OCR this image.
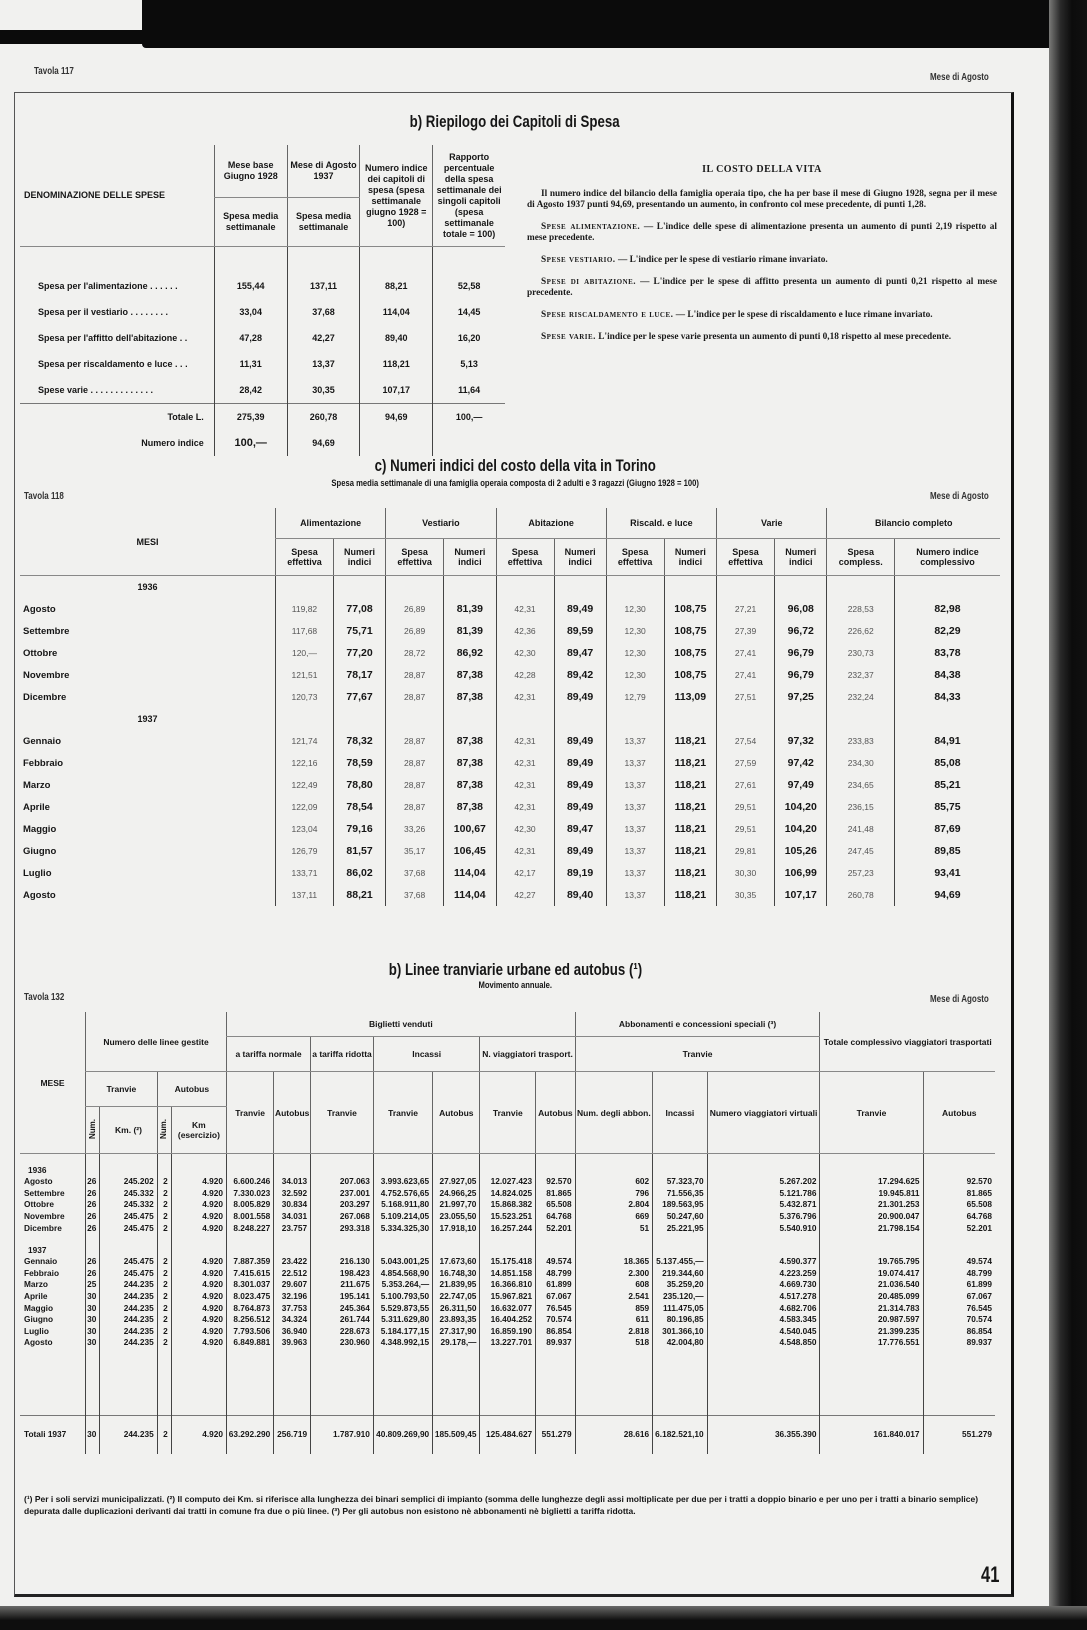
Tavola 117
Mese di Agosto
b) Riepilogo dei Capitoli di Spesa
DENOMINAZIONE DELLE SPESE	Mese base Giugno 1928	Mese di Agosto 1937	Numero indice dei capitoli di spesa (spesa settimanale giugno 1928 = 100)	Rapporto percentuale della spesa settimanale dei singoli capitoli (spesa settimanale totale = 100)
	Spesa media settimanale	Spesa media settimanale		

Spesa per l'alimentazione . . . . . .	155,44	137,11	88,21	52,58
Spesa per il vestiario . . . . . . . .	33,04	37,68	114,04	14,45
Spesa per l'affitto dell'abitazione . .	47,28	42,27	89,40	16,20
Spesa per riscaldamento e luce . . .	11,31	13,37	118,21	5,13
Spese varie . . . . . . . . . . . . .	28,42	30,35	107,17	11,64
Totale L.	275,39	260,78	94,69	100,—
Numero indice	100,—	94,69		
IL COSTO DELLA VITA

Il numero indice del bilancio della famiglia operaia tipo, che ha per base il mese di Giugno 1928, segna per il mese di Agosto 1937 punti 94,69, presentando un aumento, in confronto col mese precedente, di punti 1,28.

Spese alimentazione. — L'indice delle spese di alimentazione presenta un aumento di punti 2,19 rispetto al mese precedente.

Spese vestiario. — L'indice per le spese di vestiario rimane invariato.

Spese di abitazione. — L'indice per le spese di affitto presenta un aumento di punti 0,21 rispetto al mese precedente.

Spese riscaldamento e luce. — L'indice per le spese di riscaldamento e luce rimane invariato.

Spese varie. L'indice per le spese varie presenta un aumento di punti 0,18 rispetto al mese precedente.

c) Numeri indici del costo della vita in Torino
Spesa media settimanale di una famiglia operaia composta di 2 adulti e 3 ragazzi (Giugno 1928 = 100)
Tavola 118	Mese di Agosto
MESI	Alimentazione		Vestiario		Abitazione		Riscald. e luce		Varie		Bilancio completo	
	Spesa effettiva	Numeri indici	Spesa effettiva	Numeri indici	Spesa effettiva	Numeri indici	Spesa effettiva	Numeri indici	Spesa effettiva	Numeri indici	Spesa compless.	Numero indice complessivo
1936												
Agosto	119,82	77,08	26,89	81,39	42,31	89,49	12,30	108,75	27,21	96,08	228,53	82,98
Settembre	117,68	75,71	26,89	81,39	42,36	89,59	12,30	108,75	27,39	96,72	226,62	82,29
Ottobre	120,—	77,20	28,72	86,92	42,30	89,47	12,30	108,75	27,41	96,79	230,73	83,78
Novembre	121,51	78,17	28,87	87,38	42,28	89,42	12,30	108,75	27,41	96,79	232,37	84,38
Dicembre	120,73	77,67	28,87	87,38	42,31	89,49	12,79	113,09	27,51	97,25	232,24	84,33
1937												
Gennaio	121,74	78,32	28,87	87,38	42,31	89,49	13,37	118,21	27,54	97,32	233,83	84,91
Febbraio	122,16	78,59	28,87	87,38	42,31	89,49	13,37	118,21	27,59	97,42	234,30	85,08
Marzo	122,49	78,80	28,87	87,38	42,31	89,49	13,37	118,21	27,61	97,49	234,65	85,21
Aprile	122,09	78,54	28,87	87,38	42,31	89,49	13,37	118,21	29,51	104,20	236,15	85,75
Maggio	123,04	79,16	33,26	100,67	42,30	89,47	13,37	118,21	29,51	104,20	241,48	87,69
Giugno	126,79	81,57	35,17	106,45	42,31	89,49	13,37	118,21	29,81	105,26	247,45	89,85
Luglio	133,71	86,02	37,68	114,04	42,17	89,19	13,37	118,21	30,30	106,99	257,23	93,41
Agosto	137,11	88,21	37,68	114,04	42,27	89,40	13,37	118,21	30,35	107,17	260,78	94,69
b) Linee tranviarie urbane ed autobus (¹)
Movimento annuale.
Tavola 132	Mese di Agosto
MESE	Numero delle linee gestite				Biglietti venduti							Abbonamenti e concessioni speciali (³)			Totale complessivo viaggiatori trasportati	
					a tariffa normale		a tariffa ridotta	Incassi		N. viaggiatori trasport.		Tranvie				
	Tranvie		Autobus		Tranvie	Autobus	Tranvie	Tranvie	Autobus	Tranvie	Autobus	Num. degli abbon.	Incassi	Numero viaggiatori virtuali	Tranvie	Autobus
	Num.	Km. (²)	Num.	Km (esercizio)												
1936																
Agosto	26	245.202	2	4.920	6.600.246	34.013	207.063	3.993.623,65	27.927,05	12.027.423	92.570	602	57.323,70	5.267.202	17.294.625	92.570
Settembre	26	245.332	2	4.920	7.330.023	32.592	237.001	4.752.576,65	24.966,25	14.824.025	81.865	796	71.556,35	5.121.786	19.945.811	81.865
Ottobre	26	245.332	2	4.920	8.005.829	30.834	203.297	5.168.911,80	21.997,70	15.868.382	65.508	2.804	189.563,95	5.432.871	21.301.253	65.508
Novembre	26	245.475	2	4.920	8.001.558	34.031	267.068	5.109.214,05	23.055,50	15.523.251	64.768	669	50.247,60	5.376.796	20.900.047	64.768
Dicembre	26	245.475	2	4.920	8.248.227	23.757	293.318	5.334.325,30	17.918,10	16.257.244	52.201	51	25.221,95	5.540.910	21.798.154	52.201
1937																
Gennaio	26	245.475	2	4.920	7.887.359	23.422	216.130	5.043.001,25	17.673,60	15.175.418	49.574	18.365	5.137.455,—	4.590.377	19.765.795	49.574
Febbraio	26	245.475	2	4.920	7.415.615	22.512	198.423	4.854.568,90	16.748,30	14.851.158	48.799	2.300	219.344,60	4.223.259	19.074.417	48.799
Marzo	25	244.235	2	4.920	8.301.037	29.607	211.675	5.353.264,—	21.839,95	16.366.810	61.899	608	35.259,20	4.669.730	21.036.540	61.899
Aprile	30	244.235	2	4.920	8.023.475	32.196	195.141	5.100.793,50	22.747,05	15.967.821	67.067	2.541	235.120,—	4.517.278	20.485.099	67.067
Maggio	30	244.235	2	4.920	8.764.873	37.753	245.364	5.529.873,55	26.311,50	16.632.077	76.545	859	111.475,05	4.682.706	21.314.783	76.545
Giugno	30	244.235	2	4.920	8.256.512	34.324	261.744	5.311.629,80	23.893,35	16.404.252	70.574	611	80.196,85	4.583.345	20.987.597	70.574
Luglio	30	244.235	2	4.920	7.793.506	36.940	228.673	5.184.177,15	27.317,90	16.859.190	86.854	2.818	301.366,10	4.540.045	21.399.235	86.854
Agosto	30	244.235	2	4.920	6.849.881	39.963	230.960	4.348.992,15	29.178,—	13.227.701	89.937	518	42.004,80	4.548.850	17.776.551	89.937

Totali 1937	30	244.235	2	4.920	63.292.290	256.719	1.787.910	40.809.269,90	185.509,45	125.484.627	551.279	28.616	6.182.521,10	36.355.390	161.840.017	551.279
(¹) Per i soli servizi municipalizzati. (²) Il computo dei Km. si riferisce alla lunghezza dei binari semplici di impianto (somma delle lunghezze degli assi moltiplicate per due per i tratti a doppio binario e per uno per i tratti a binario semplice) depurata dalle duplicazioni derivanti dai tratti in comune fra due o più linee. (³) Per gli autobus non esistono nè abbonamenti nè biglietti a tariffa ridotta.
41
